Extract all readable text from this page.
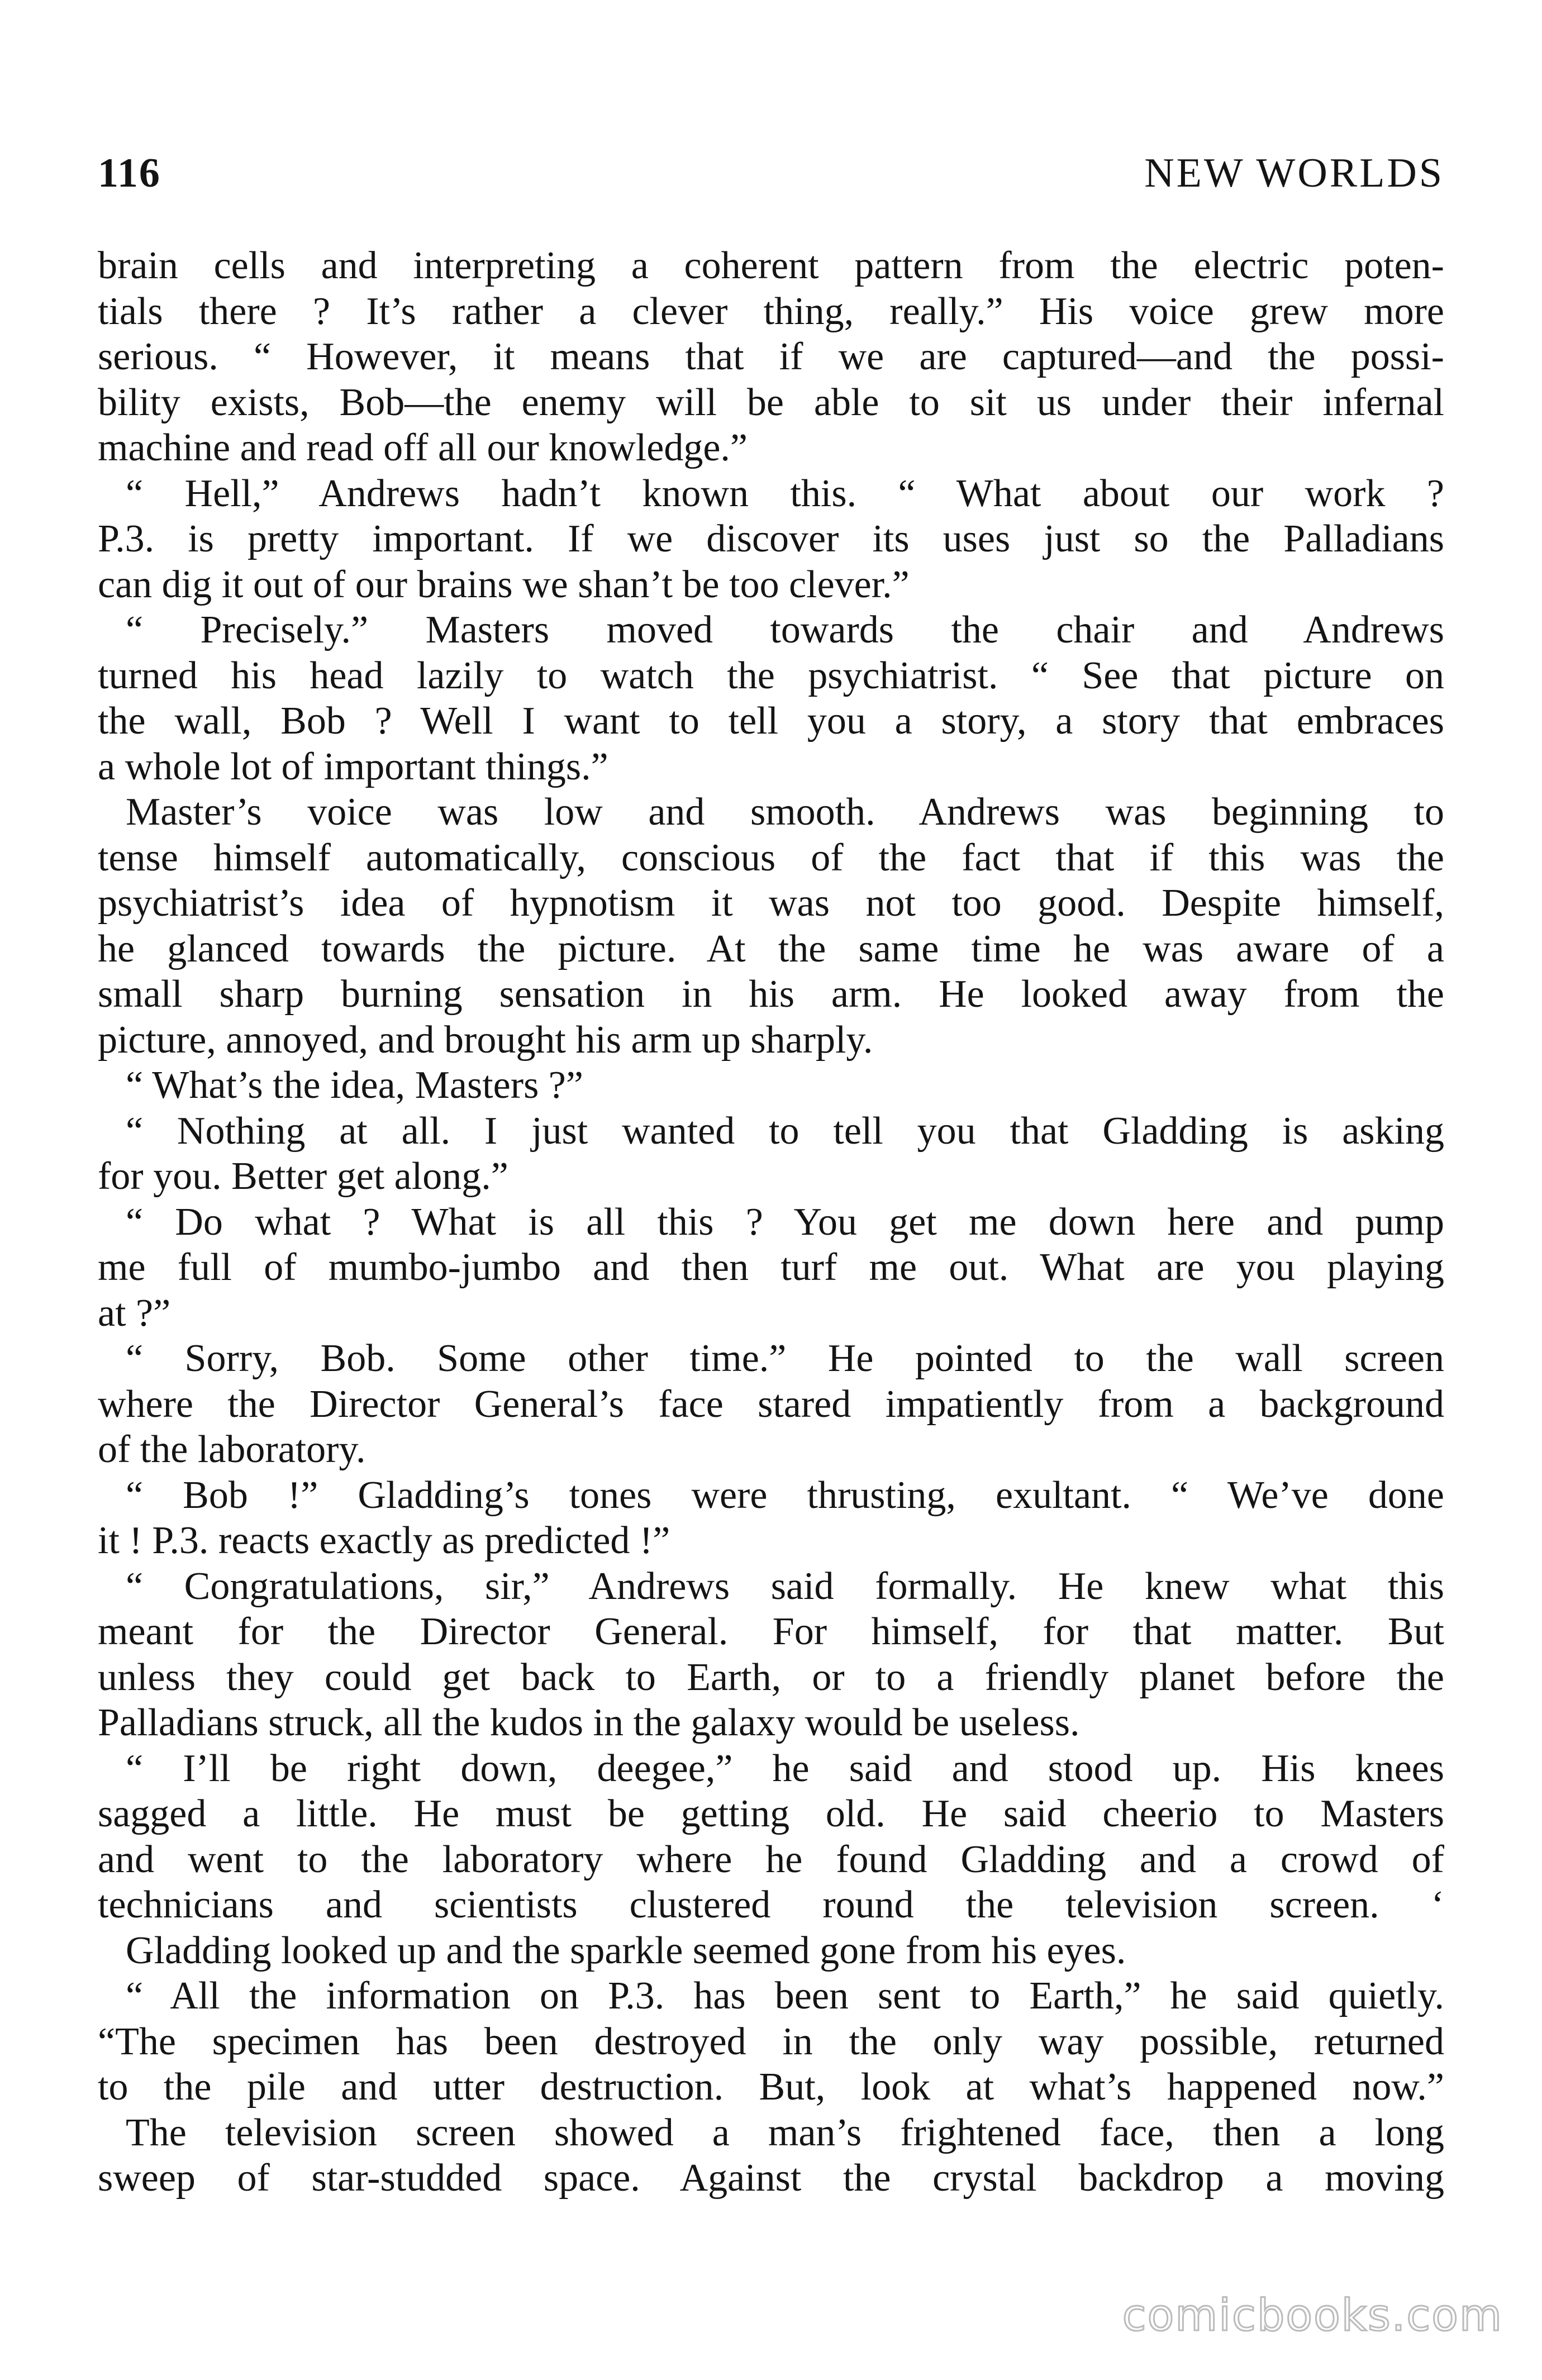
116	NEW WORLDS
brain cells and interpreting a coherent pattern from the electric poten-
tials there ? It’s rather a clever thing, really.” His voice grew more
serious. “ However, it means that if we are captured—and the possi-
bility exists, Bob—the enemy will be able to sit us under their infernal
machine and read off all our knowledge.”
“ Hell,” Andrews hadn’t known this. “ What about our work ?
P.3. is pretty important. If we discover its uses just so the Palladians
can dig it out of our brains we shan’t be too clever.”
“ Precisely.” Masters moved towards the chair and Andrews
turned his head lazily to watch the psychiatrist. “ See that picture on
the wall, Bob ? Well I want to tell you a story, a story that embraces
a whole lot of important things.”
Master’s voice was low and smooth. Andrews was beginning to
tense himself automatically, conscious of the fact that if this was the
psychiatrist’s idea of hypnotism it was not too good. Despite himself,
he glanced towards the picture. At the same time he was aware of a
small sharp burning sensation in his arm. He looked away from the
picture, annoyed, and brought his arm up sharply.
“ What’s the idea, Masters ?”
“ Nothing at all. I just wanted to tell you that Gladding is asking
for you. Better get along.”
“ Do what ? What is all this ? You get me down here and pump
me full of mumbo-jumbo and then turf me out. What are you playing
at ?”
“ Sorry, Bob. Some other time.” He pointed to the wall screen
where the Director General’s face stared impatiently from a background
of the laboratory.
“ Bob !” Gladding’s tones were thrusting, exultant. “ We’ve done
it ! P.3. reacts exactly as predicted !”
“ Congratulations, sir,” Andrews said formally. He knew what this
meant for the Director General. For himself, for that matter. But
unless they could get back to Earth, or to a friendly planet before the
Palladians struck, all the kudos in the galaxy would be useless.
“ I’ll be right down, deegee,” he said and stood up. His knees
sagged a little. He must be getting old. He said cheerio to Masters
and went to the laboratory where he found Gladding and a crowd of
technicians and scientists clustered round the television screen. ‘
Gladding looked up and the sparkle seemed gone from his eyes.
“ All the information on P.3. has been sent to Earth,” he said quietly.
“The specimen has been destroyed in the only way possible, returned
to the pile and utter destruction. But, look at what’s happened now.”
The television screen showed a man’s frightened face, then a long
sweep of star-studded space. Against the crystal backdrop a moving
comicbooks.com
